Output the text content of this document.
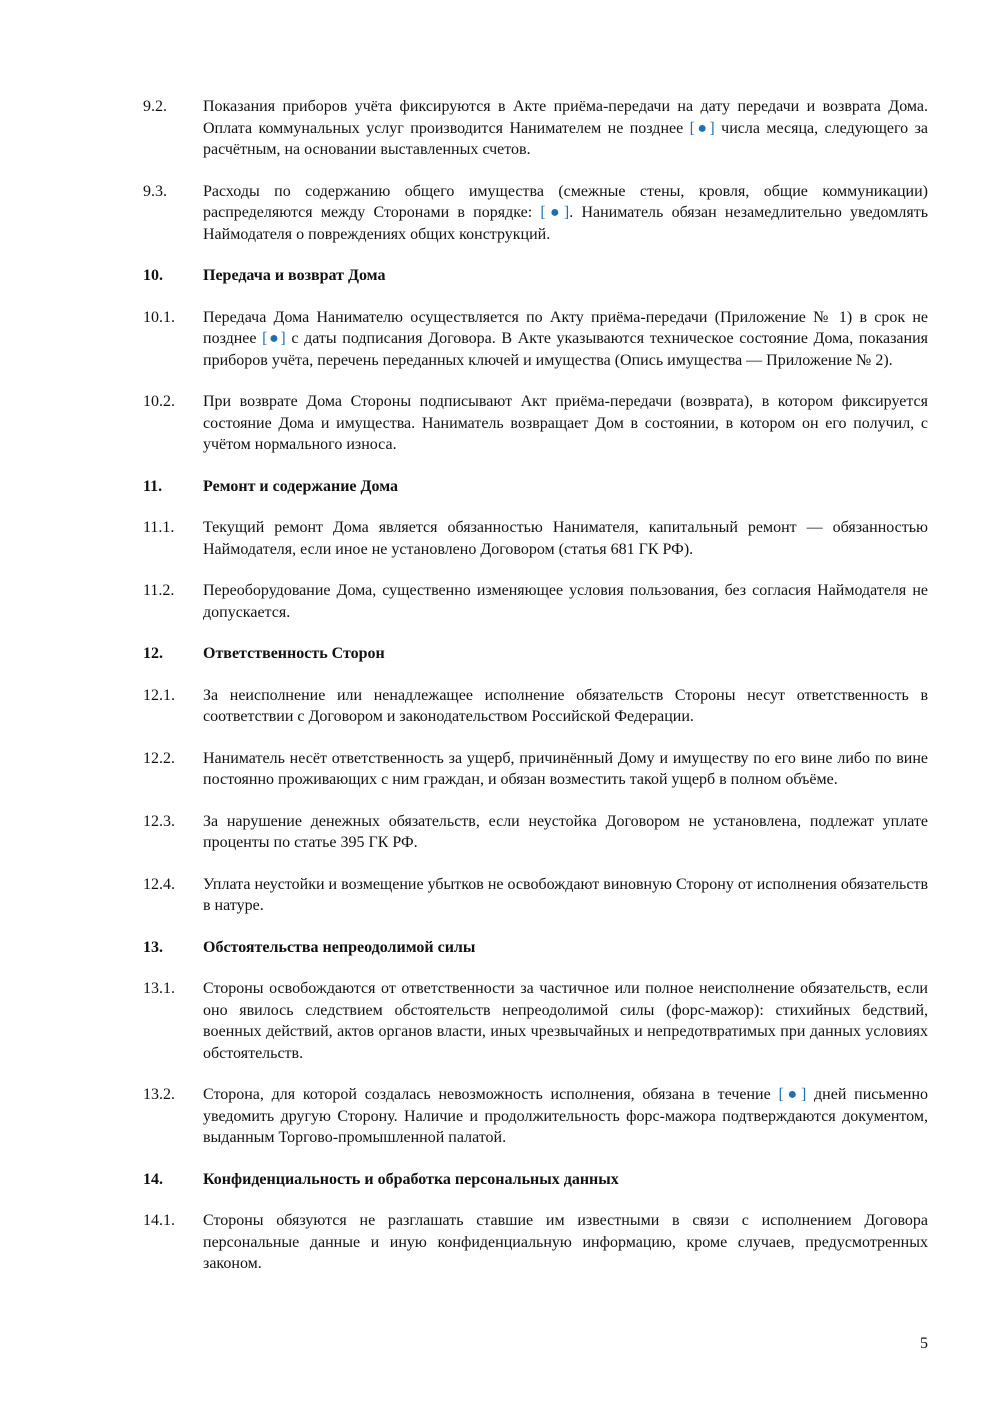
9.2.	Показания приборов учёта фиксируются в Акте приёма-передачи на дату передачи и возврата Дома. Оплата коммунальных услуг производится Нанимателем не позднее [●] числа месяца, следующего за расчётным, на основании выставленных счетов.
9.3.	Расходы по содержанию общего имущества (смежные стены, кровля, общие коммуникации) распределяются между Сторонами в порядке: [●]. Наниматель обязан незамедлительно уведомлять Наймодателя о повреждениях общих конструкций.
10.	Передача и возврат Дома
10.1.	Передача Дома Нанимателю осуществляется по Акту приёма-передачи (Приложение № 1) в срок не позднее [●] с даты подписания Договора. В Акте указываются техническое состояние Дома, показания приборов учёта, перечень переданных ключей и имущества (Опись имущества — Приложение № 2).
10.2.	При возврате Дома Стороны подписывают Акт приёма-передачи (возврата), в котором фиксируется состояние Дома и имущества. Наниматель возвращает Дом в состоянии, в котором он его получил, с учётом нормального износа.
11.	Ремонт и содержание Дома
11.1.	Текущий ремонт Дома является обязанностью Нанимателя, капитальный ремонт — обязанностью Наймодателя, если иное не установлено Договором (статья 681 ГК РФ).
11.2.	Переоборудование Дома, существенно изменяющее условия пользования, без согласия Наймодателя не допускается.
12.	Ответственность Сторон
12.1.	За неисполнение или ненадлежащее исполнение обязательств Стороны несут ответственность в соответствии с Договором и законодательством Российской Федерации.
12.2.	Наниматель несёт ответственность за ущерб, причинённый Дому и имуществу по его вине либо по вине постоянно проживающих с ним граждан, и обязан возместить такой ущерб в полном объёме.
12.3.	За нарушение денежных обязательств, если неустойка Договором не установлена, подлежат уплате проценты по статье 395 ГК РФ.
12.4.	Уплата неустойки и возмещение убытков не освобождают виновную Сторону от исполнения обязательств в натуре.
13.	Обстоятельства непреодолимой силы
13.1.	Стороны освобождаются от ответственности за частичное или полное неисполнение обязательств, если оно явилось следствием обстоятельств непреодолимой силы (форс-мажор): стихийных бедствий, военных действий, актов органов власти, иных чрезвычайных и непредотвратимых при данных условиях обстоятельств.
13.2.	Сторона, для которой создалась невозможность исполнения, обязана в течение [●] дней письменно уведомить другую Сторону. Наличие и продолжительность форс-мажора подтверждаются документом, выданным Торгово-промышленной палатой.
14.	Конфиденциальность и обработка персональных данных
14.1.	Стороны обязуются не разглашать ставшие им известными в связи с исполнением Договора персональные данные и иную конфиденциальную информацию, кроме случаев, предусмотренных законом.
5
